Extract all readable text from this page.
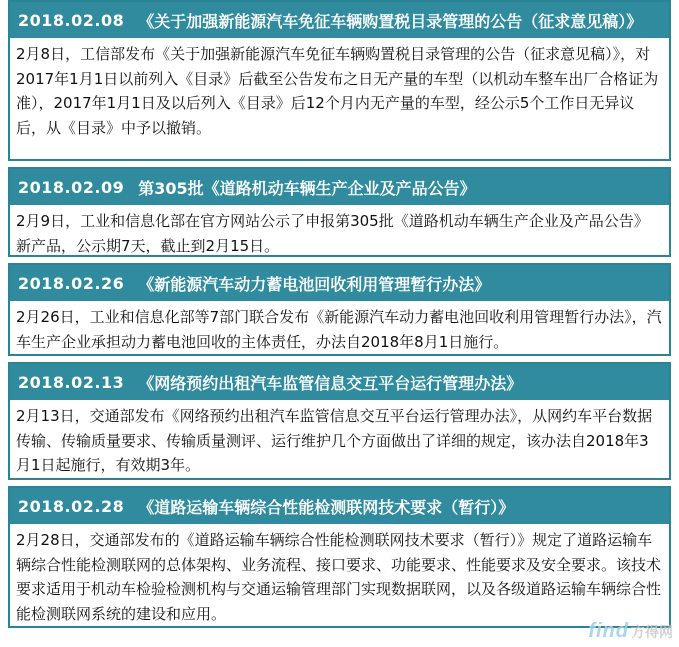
2018.02.08 《关于加强新能源汽车免征车辆购置税目录管理的公告（征求意见稿）》
2月8日，工信部发布《关于加强新能源汽车免征车辆购置税目录管理的公告（征求意见稿）》，对2017年1月1日以前列入《目录》后截至公告发布之日无产量的车型（以机动车整车出厂合格证为准），2017年1月1日及以后列入《目录》后12个月内无产量的车型，经公示5个工作日无异议后，从《目录》中予以撤销。
2018.02.09 第305批《道路机动车辆生产企业及产品公告》
2月9日，工业和信息化部在官方网站公示了申报第305批《道路机动车辆生产企业及产品公告》新产品，公示期7天，截止到2月15日。
2018.02.26 《新能源汽车动力蓄电池回收利用管理暂行办法》
2月26日，工业和信息化部等7部门联合发布《新能源汽车动力蓄电池回收利用管理暂行办法》，汽车生产企业承担动力蓄电池回收的主体责任，办法自2018年8月1日施行。
2018.02.13 《网络预约出租汽车监管信息交互平台运行管理办法》
2月13日，交通部发布《网络预约出租汽车监管信息交互平台运行管理办法》，从网约车平台数据传输、传输质量要求、传输质量测评、运行维护几个方面做出了详细的规定，该办法自2018年3月1日起施行，有效期3年。
2018.02.28 《道路运输车辆综合性能检测联网技术要求（暂行）》
2月28日，交通部发布的《道路运输车辆综合性能检测联网技术要求（暂行）》规定了道路运输车辆综合性能检测联网的总体架构、业务流程、接口要求、功能要求、性能要求及安全要求。该技术要求适用于机动车检验检测机构与交通运输管理部门实现数据联网，以及各级道路运输车辆综合性能检测联网系统的建设和应用。
find 方得网
